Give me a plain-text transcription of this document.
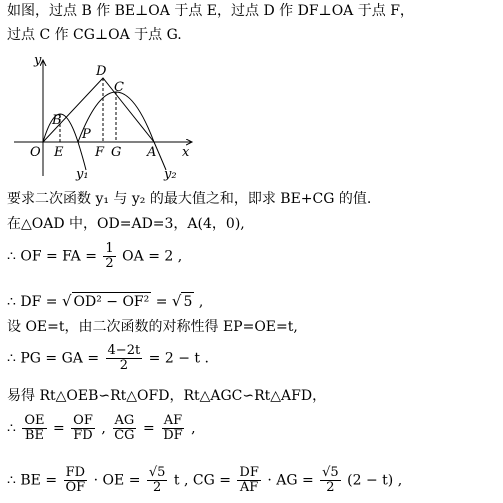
如图，过点 B 作 BE⊥OA 于点 E，过点 D 作 DF⊥OA 于点 F，
过点 C 作 CG⊥OA 于点 G.
y
x
O E F G A
B
P
D
C
y₁	y₂
要求二次函数 y₁ 与 y₂ 的最大值之和，即求 BE+CG 的值.
在△OAD 中，OD=AD=3，A(4，0),
∴ OF = FA = $\frac{1}{2}$ OA = 2 ,
∴ DF = √ OD² − OF² = √ 5 ,
设 OE=t，由二次函数的对称性得 EP=OE=t,
∴ PG = GA = $\frac{4-2t}{2} = 2 - t$ .
易得 Rt△OEB∽Rt△OFD，Rt△AGC∽Rt△AFD，
∴ $\frac{OE}{BE} = \frac{OF}{FD}$ , $\frac{AG}{CG} = \frac{AF}{DF}$ ,
∴ BE = $\frac{FD}{OF}$ · OE = $\frac{√5}{2}$ t , CG = $\frac{DF}{AF}$ · AG = $\frac{√5}{2} (2 - t)$ ,
